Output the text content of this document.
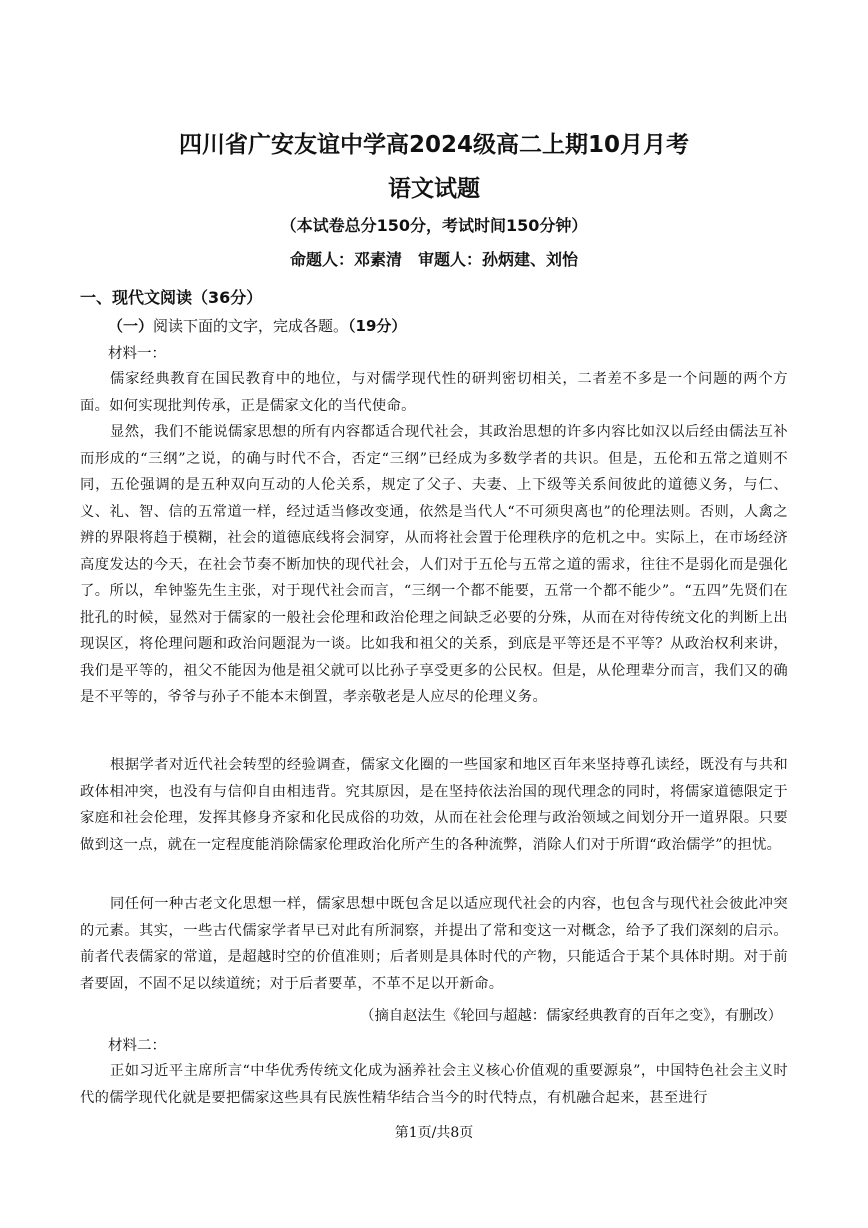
四川省广安友谊中学高2024级高二上期10月月考
语文试题
（本试卷总分150分，考试时间150分钟）
命题人：邓素清　审题人：孙炳建、刘怡
一、现代文阅读（36分）
（一）阅读下面的文字，完成各题。（19分）
材料一：
儒家经典教育在国民教育中的地位，与对儒学现代性的研判密切相关，二者差不多是一个问题的两个方面。如何实现批判传承，正是儒家文化的当代使命。
显然，我们不能说儒家思想的所有内容都适合现代社会，其政治思想的许多内容比如汉以后经由儒法互补而形成的“三纲”之说，的确与时代不合，否定“三纲”已经成为多数学者的共识。但是，五伦和五常之道则不同，五伦强调的是五种双向互动的人伦关系，规定了父子、夫妻、上下级等关系间彼此的道德义务，与仁、义、礼、智、信的五常道一样，经过适当修改变通，依然是当代人“不可须臾离也”的伦理法则。否则，人禽之辨的界限将趋于模糊，社会的道德底线将会洞穿，从而将社会置于伦理秩序的危机之中。实际上，在市场经济高度发达的今天，在社会节奏不断加快的现代社会，人们对于五伦与五常之道的需求，往往不是弱化而是强化了。所以，牟钟鉴先生主张，对于现代社会而言，“三纲一个都不能要，五常一个都不能少”。“五四”先贤们在批孔的时候，显然对于儒家的一般社会伦理和政治伦理之间缺乏必要的分殊，从而在对待传统文化的判断上出现误区，将伦理问题和政治问题混为一谈。比如我和祖父的关系，到底是平等还是不平等？从政治权利来讲，我们是平等的，祖父不能因为他是祖父就可以比孙子享受更多的公民权。但是，从伦理辈分而言，我们又的确是不平等的，爷爷与孙子不能本末倒置，孝亲敬老是人应尽的伦理义务。
根据学者对近代社会转型的经验调查，儒家文化圈的一些国家和地区百年来坚持尊孔读经，既没有与共和政体相冲突，也没有与信仰自由相违背。究其原因，是在坚持依法治国的现代理念的同时，将儒家道德限定于家庭和社会伦理，发挥其修身齐家和化民成俗的功效，从而在社会伦理与政治领域之间划分开一道界限。只要做到这一点，就在一定程度能消除儒家伦理政治化所产生的各种流弊，消除人们对于所谓“政治儒学”的担忧。
同任何一种古老文化思想一样，儒家思想中既包含足以适应现代社会的内容，也包含与现代社会彼此冲突的元素。其实，一些古代儒家学者早已对此有所洞察，并提出了常和变这一对概念，给予了我们深刻的启示。前者代表儒家的常道，是超越时空的价值准则；后者则是具体时代的产物，只能适合于某个具体时期。对于前者要固，不固不足以续道统；对于后者要革，不革不足以开新命。
（摘自赵法生《轮回与超越：儒家经典教育的百年之变》，有删改）
材料二：
正如习近平主席所言“中华优秀传统文化成为涵养社会主义核心价值观的重要源泉”，中国特色社会主义时代的儒学现代化就是要把儒家这些具有民族性精华结合当今的时代特点，有机融合起来，甚至进行
第1页/共8页
